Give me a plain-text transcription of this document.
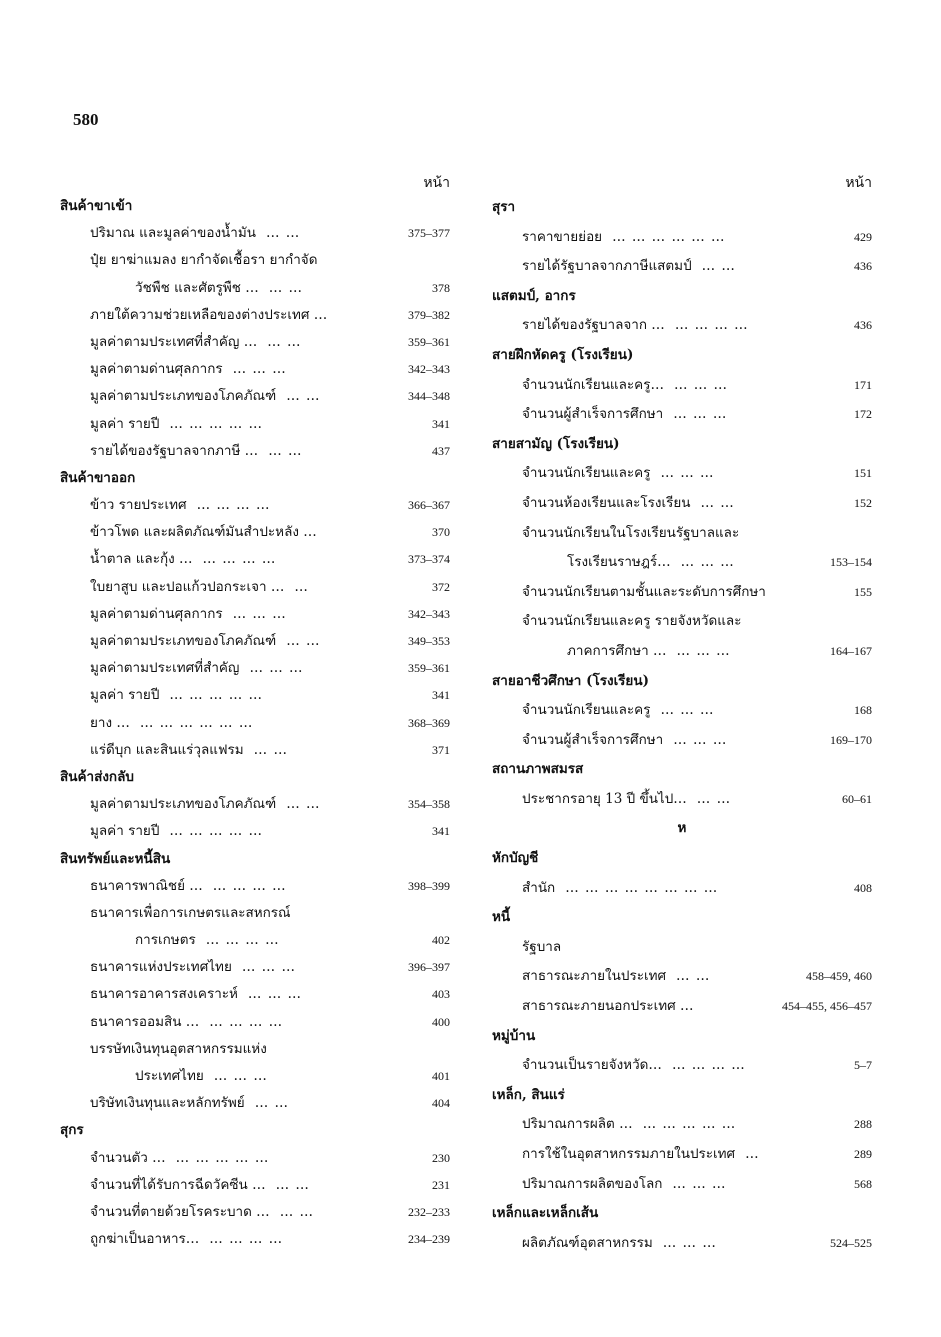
580
หน้า
สินค้าขาเข้า
ปริมาณ และมูลค่าของน้ำมัน … …	375–377
ปุ๋ย ยาฆ่าแมลง ยากำจัดเชื้อรา ยากำจัด
วัชพืช และศัตรูพืช … … …	378
ภายใต้ความช่วยเหลือของต่างประเทศ …	379–382
มูลค่าตามประเทศที่สำคัญ … … …	359–361
มูลค่าตามด่านศุลกากร … … …	342–343
มูลค่าตามประเภทของโภคภัณฑ์ … …	344–348
มูลค่า รายปี … … … … …	341
รายได้ของรัฐบาลจากภาษี … … …	437
สินค้าขาออก
ข้าว รายประเทศ … … … …	366–367
ข้าวโพด และผลิตภัณฑ์มันสำปะหลัง …	370
น้ำตาล และกุ้ง … … … … …	373–374
ใบยาสูบ และปอแก้วปอกระเจา … …	372
มูลค่าตามด่านศุลกากร … … …	342–343
มูลค่าตามประเภทของโภคภัณฑ์ … …	349–353
มูลค่าตามประเทศที่สำคัญ … … …	359–361
มูลค่า รายปี … … … … …	341
ยาง … … … … … … …	368–369
แร่ดีบุก และสินแร่วุลแฟรม … …	371
สินค้าส่งกลับ
มูลค่าตามประเภทของโภคภัณฑ์ … …	354–358
มูลค่า รายปี … … … … …	341
สินทรัพย์และหนี้สิน
ธนาคารพาณิชย์ … … … … …	398–399
ธนาคารเพื่อการเกษตรและสหกรณ์
การเกษตร … … … …	402
ธนาคารแห่งประเทศไทย … … …	396–397
ธนาคารอาคารสงเคราะห์ … … …	403
ธนาคารออมสิน … … … … …	400
บรรษัทเงินทุนอุตสาหกรรมแห่ง
ประเทศไทย … … …	401
บริษัทเงินทุนและหลักทรัพย์ … …	404
สุกร
จำนวนตัว … … … … … …	230
จำนวนที่ได้รับการฉีดวัคซีน … … …	231
จำนวนที่ตายด้วยโรคระบาด … … …	232–233
ถูกฆ่าเป็นอาหาร… … … … …	234–239
หน้า
สุรา
ราคาขายย่อย … … … … … …	429
รายได้รัฐบาลจากภาษีแสตมป์ … …	436
แสตมป์, อากร
รายได้ของรัฐบาลจาก … … … … …	436
สายฝึกหัดครู (โรงเรียน)
จำนวนนักเรียนและครู… … … …	171
จำนวนผู้สำเร็จการศึกษา … … …	172
สายสามัญ (โรงเรียน)
จำนวนนักเรียนและครู … … …	151
จำนวนห้องเรียนและโรงเรียน … …	152
จำนวนนักเรียนในโรงเรียนรัฐบาลและ
โรงเรียนราษฎร์… … … …	153–154
จำนวนนักเรียนตามชั้นและระดับการศึกษา	155
จำนวนนักเรียนและครู รายจังหวัดและ
ภาคการศึกษา … … … …	164–167
สายอาชีวศึกษา (โรงเรียน)
จำนวนนักเรียนและครู … … …	168
จำนวนผู้สำเร็จการศึกษา … … …	169–170
สถานภาพสมรส
ประชากรอายุ 13 ปี ขึ้นไป… … …	60–61
ห
หักบัญชี
สำนัก … … … … … … … …	408
หนี้
รัฐบาล
สาธารณะภายในประเทศ … …	458–459, 460
สาธารณะภายนอกประเทศ …	454–455, 456–457
หมู่บ้าน
จำนวนเป็นรายจังหวัด… … … … …	5–7
เหล็ก, สินแร่
ปริมาณการผลิต … … … … … …	288
การใช้ในอุตสาหกรรมภายในประเทศ …	289
ปริมาณการผลิตของโลก … … …	568
เหล็กและเหล็กเส้น
ผลิตภัณฑ์อุตสาหกรรม … … …	524–525
